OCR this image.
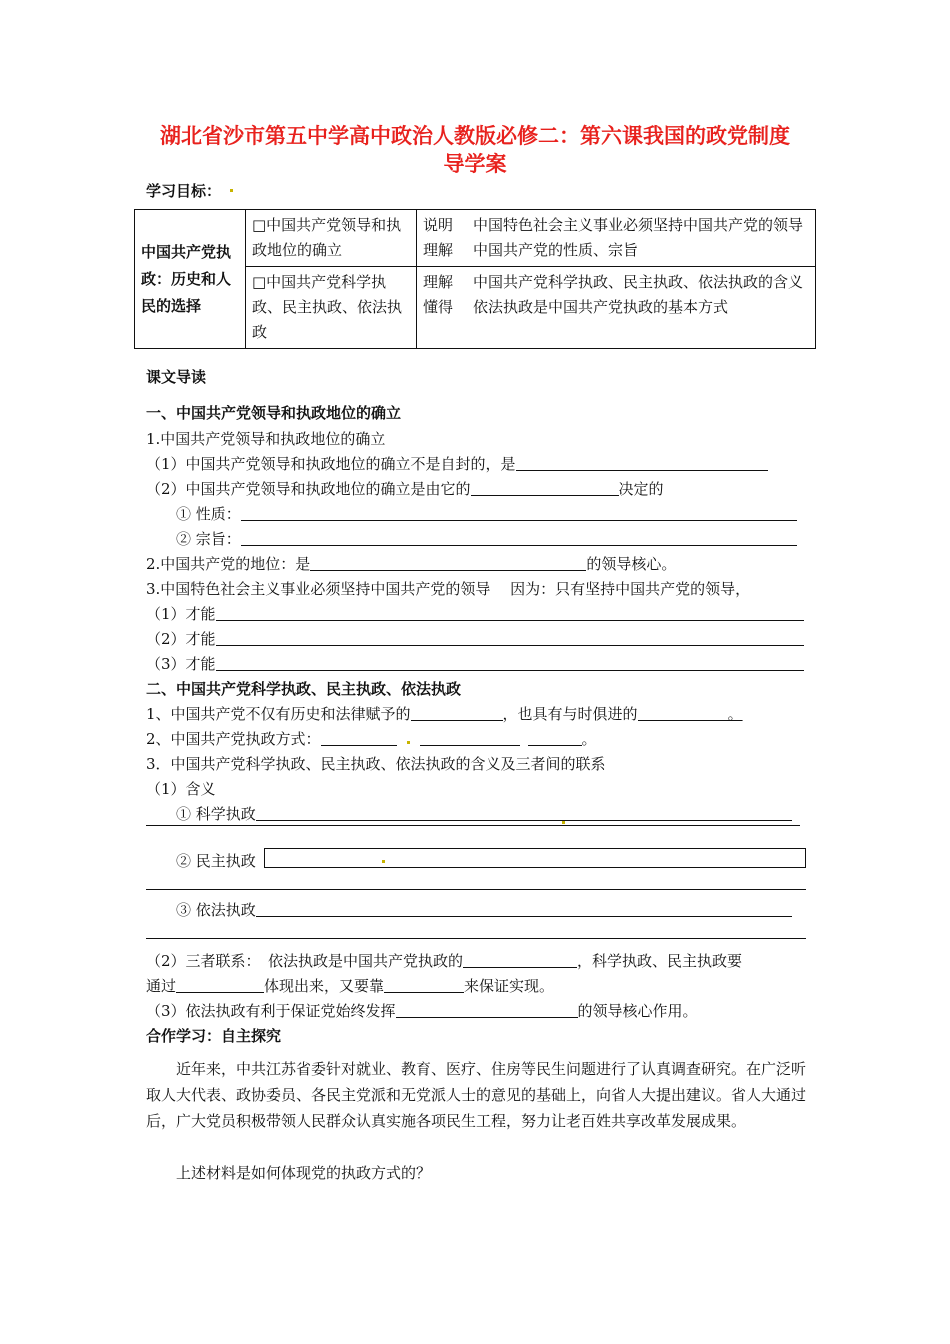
湖北省沙市第五中学高中政治人教版必修二：第六课我国的政党制度　导学案
学习目标：
中国共产党执政：历史和人民的选择	□中国共产党领导和执政地位的确立	说明 中国特色社会主义事业必须坚持中国共产党的领导
理解 中国共产党的性质、宗旨

	□中国共产党科学执政、民主执政、依法执政	理解 中国共产党科学执政、民主执政、依法执政的含义
懂得 依法执政是中国共产党执政的基本方式
课文导读
一、中国共产党领导和执政地位的确立
1.中国共产党领导和执政地位的确立
（1）中国共产党领导和执政地位的确立不是自封的，是
（2）中国共产党领导和执政地位的确立是由它的	决定的
① 性质：
② 宗旨：
2.中国共产党的地位：是	的领导核心。
3.中国特色社会主义事业必须坚持中国共产党的领导　 因为：只有坚持中国共产党的领导，
（1）才能
（2）才能
（3）才能
二、中国共产党科学执政、民主执政、依法执政
1、中国共产党不仅有历史和法律赋予的	，也具有与时俱进的	。
2、中国共产党执政方式：	。
3．中国共产党科学执政、民主执政、依法执政的含义及三者间的联系
（1）含义
① 科学执政
② 民主执政
③ 依法执政
（2）三者联系：　依法执政是中国共产党执政的	，科学执政、民主执政要
通过	体现出来，又要靠	来保证实现。
（3）依法执政有利于保证党始终发挥	的领导核心作用。
合作学习：自主探究
近年来，中共江苏省委针对就业、教育、医疗、住房等民生问题进行了认真调查研究。在广泛听取人大代表、政协委员、各民主党派和无党派人士的意见的基础上，向省人大提出建议。省人大通过后，广大党员积极带领人民群众认真实施各项民生工程，努力让老百姓共享改革发展成果。
上述材料是如何体现党的执政方式的？
